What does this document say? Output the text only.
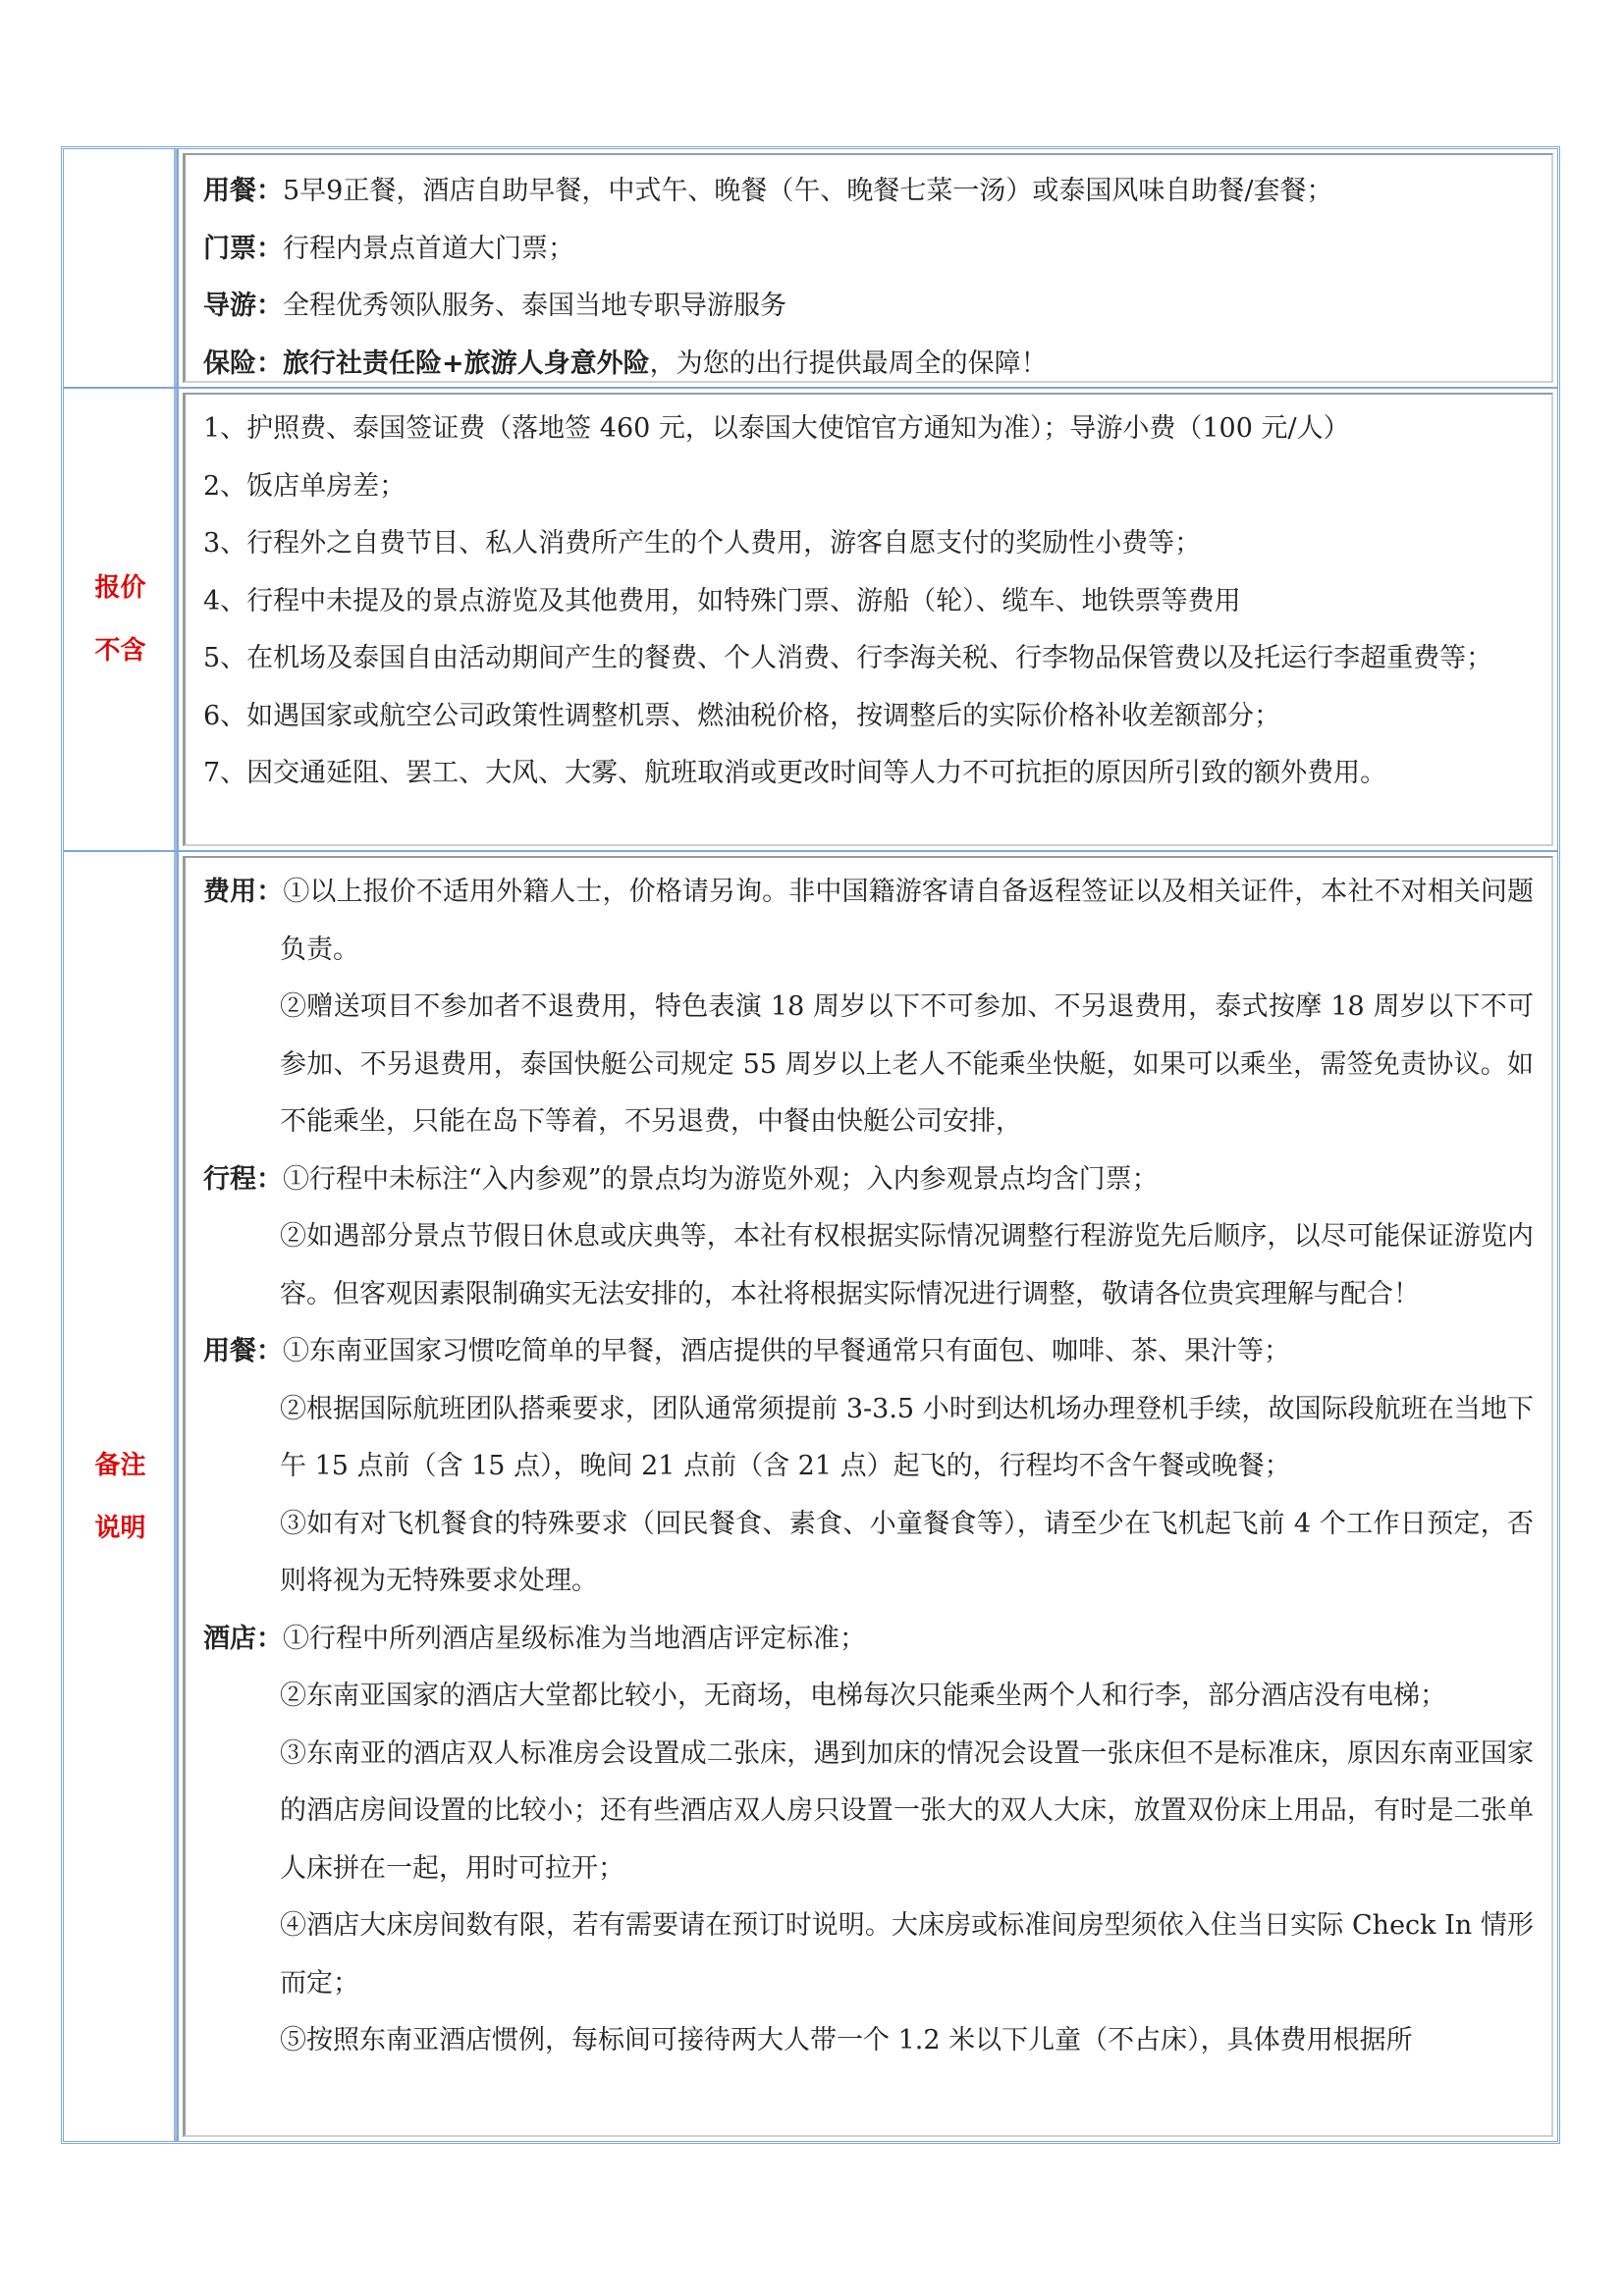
用餐：5早9正餐，酒店自助早餐，中式午、晚餐（午、晚餐七菜一汤）或泰国风味自助餐/套餐；
门票：行程内景点首道大门票；
导游：全程优秀领队服务、泰国当地专职导游服务
保险：旅行社责任险+旅游人身意外险，为您的出行提供最周全的保障！
报价
不含
1、护照费、泰国签证费（落地签 460 元，以泰国大使馆官方通知为准）；导游小费（100 元/人）
2、饭店单房差；
3、行程外之自费节目、私人消费所产生的个人费用，游客自愿支付的奖励性小费等；
4、行程中未提及的景点游览及其他费用，如特殊门票、游船（轮）、缆车、地铁票等费用
5、在机场及泰国自由活动期间产生的餐费、个人消费、行李海关税、行李物品保管费以及托运行李超重费等；
6、如遇国家或航空公司政策性调整机票、燃油税价格，按调整后的实际价格补收差额部分；
7、因交通延阻、罢工、大风、大雾、航班取消或更改时间等人力不可抗拒的原因所引致的额外费用。
备注
说明
费用：①以上报价不适用外籍人士，价格请另询。非中国籍游客请自备返程签证以及相关证件，本社不对相关问题负责。
②赠送项目不参加者不退费用，特色表演 18 周岁以下不可参加、不另退费用，泰式按摩 18 周岁以下不可参加、不另退费用，泰国快艇公司规定 55 周岁以上老人不能乘坐快艇，如果可以乘坐，需签免责协议。如不能乘坐，只能在岛下等着，不另退费，中餐由快艇公司安排，
行程：①行程中未标注“入内参观”的景点均为游览外观；入内参观景点均含门票；
②如遇部分景点节假日休息或庆典等，本社有权根据实际情况调整行程游览先后顺序，以尽可能保证游览内容。但客观因素限制确实无法安排的，本社将根据实际情况进行调整，敬请各位贵宾理解与配合！
用餐：①东南亚国家习惯吃简单的早餐，酒店提供的早餐通常只有面包、咖啡、茶、果汁等；
②根据国际航班团队搭乘要求，团队通常须提前 3-3.5 小时到达机场办理登机手续，故国际段航班在当地下午 15 点前（含 15 点），晚间 21 点前（含 21 点）起飞的，行程均不含午餐或晚餐；
③如有对飞机餐食的特殊要求（回民餐食、素食、小童餐食等），请至少在飞机起飞前 4 个工作日预定，否则将视为无特殊要求处理。
酒店：①行程中所列酒店星级标准为当地酒店评定标准；
②东南亚国家的酒店大堂都比较小，无商场，电梯每次只能乘坐两个人和行李，部分酒店没有电梯；
③东南亚的酒店双人标准房会设置成二张床，遇到加床的情况会设置一张床但不是标准床，原因东南亚国家的酒店房间设置的比较小；还有些酒店双人房只设置一张大的双人大床，放置双份床上用品，有时是二张单人床拼在一起，用时可拉开；
④酒店大床房间数有限，若有需要请在预订时说明。大床房或标准间房型须依入住当日实际 Check In 情形而定；
⑤按照东南亚酒店惯例，每标间可接待两大人带一个 1.2 米以下儿童（不占床），具体费用根据所
